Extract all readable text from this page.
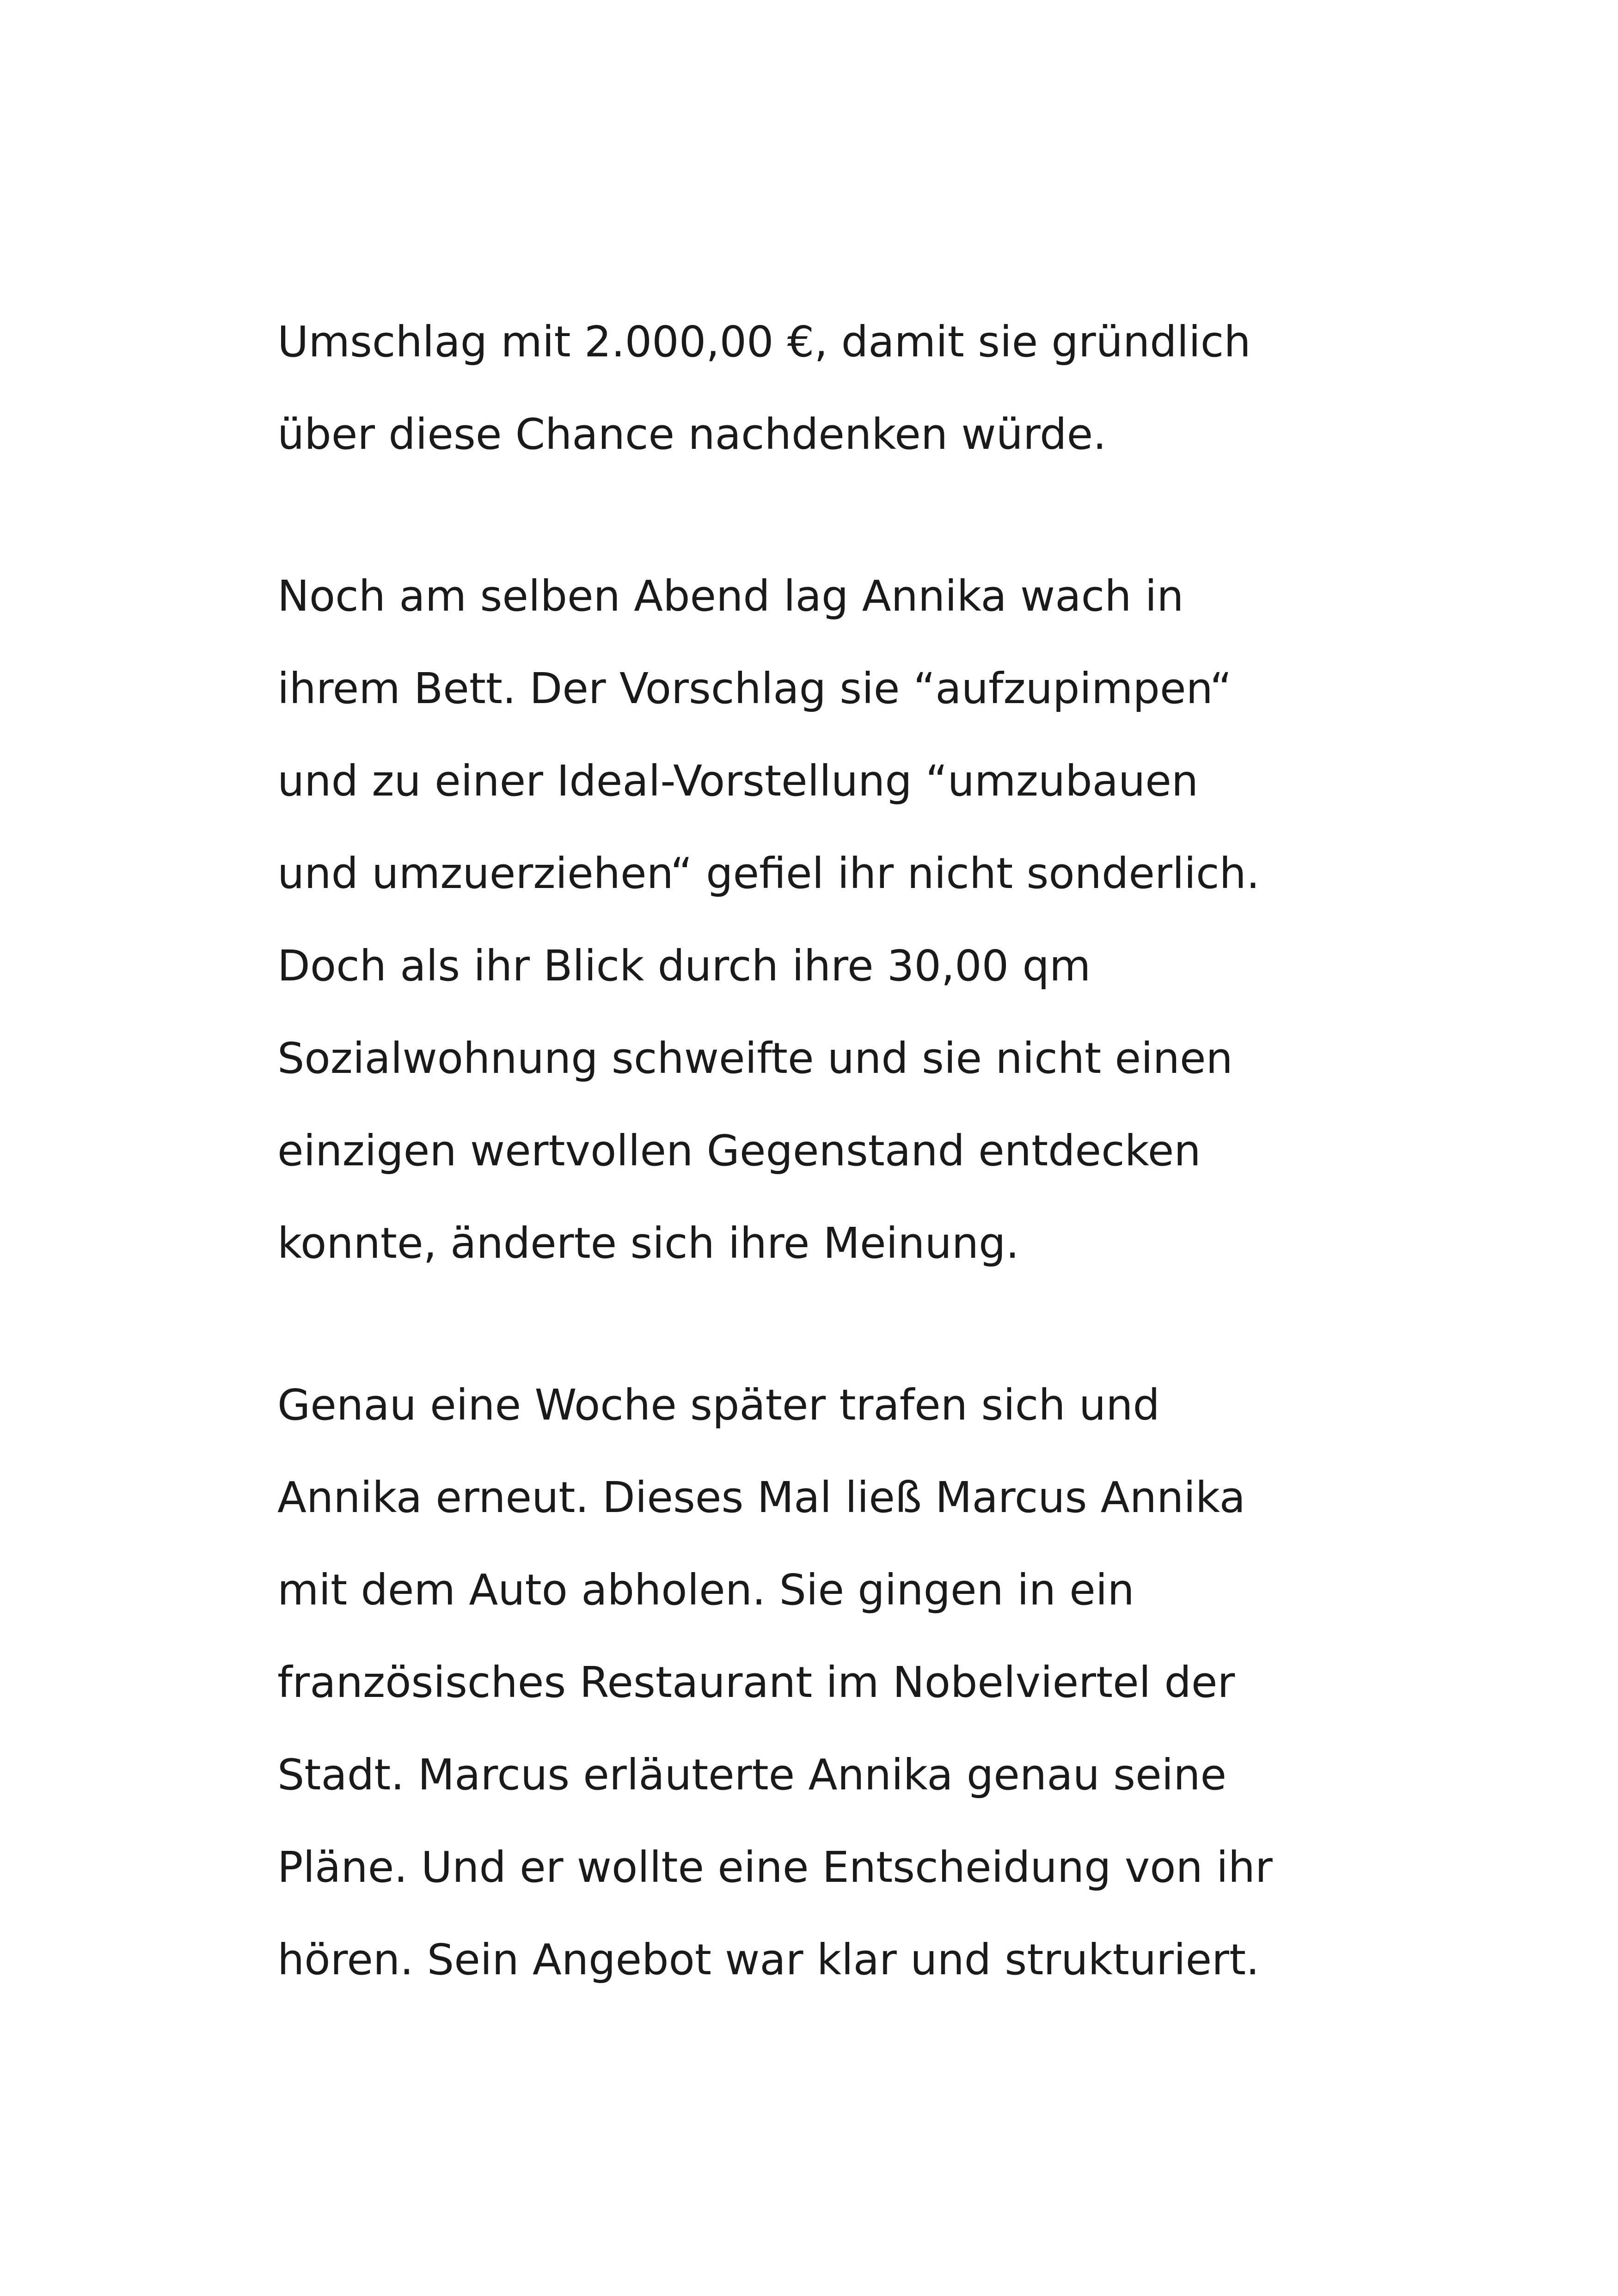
Umschlag mit 2.000,00 €, damit sie gründlich
über diese Chance nachdenken würde.

Noch am selben Abend lag Annika wach in
ihrem Bett. Der Vorschlag sie “aufzupimpen“
und zu einer Ideal-Vorstellung “umzubauen
und umzuerziehen“ gefiel ihr nicht sonderlich.
Doch als ihr Blick durch ihre 30,00 qm
Sozialwohnung schweifte und sie nicht einen
einzigen wertvollen Gegenstand entdecken
konnte, änderte sich ihre Meinung.

Genau eine Woche später trafen sich und
Annika erneut. Dieses Mal ließ Marcus Annika
mit dem Auto abholen. Sie gingen in ein
französisches Restaurant im Nobelviertel der
Stadt. Marcus erläuterte Annika genau seine
Pläne. Und er wollte eine Entscheidung von ihr
hören. Sein Angebot war klar und strukturiert.
